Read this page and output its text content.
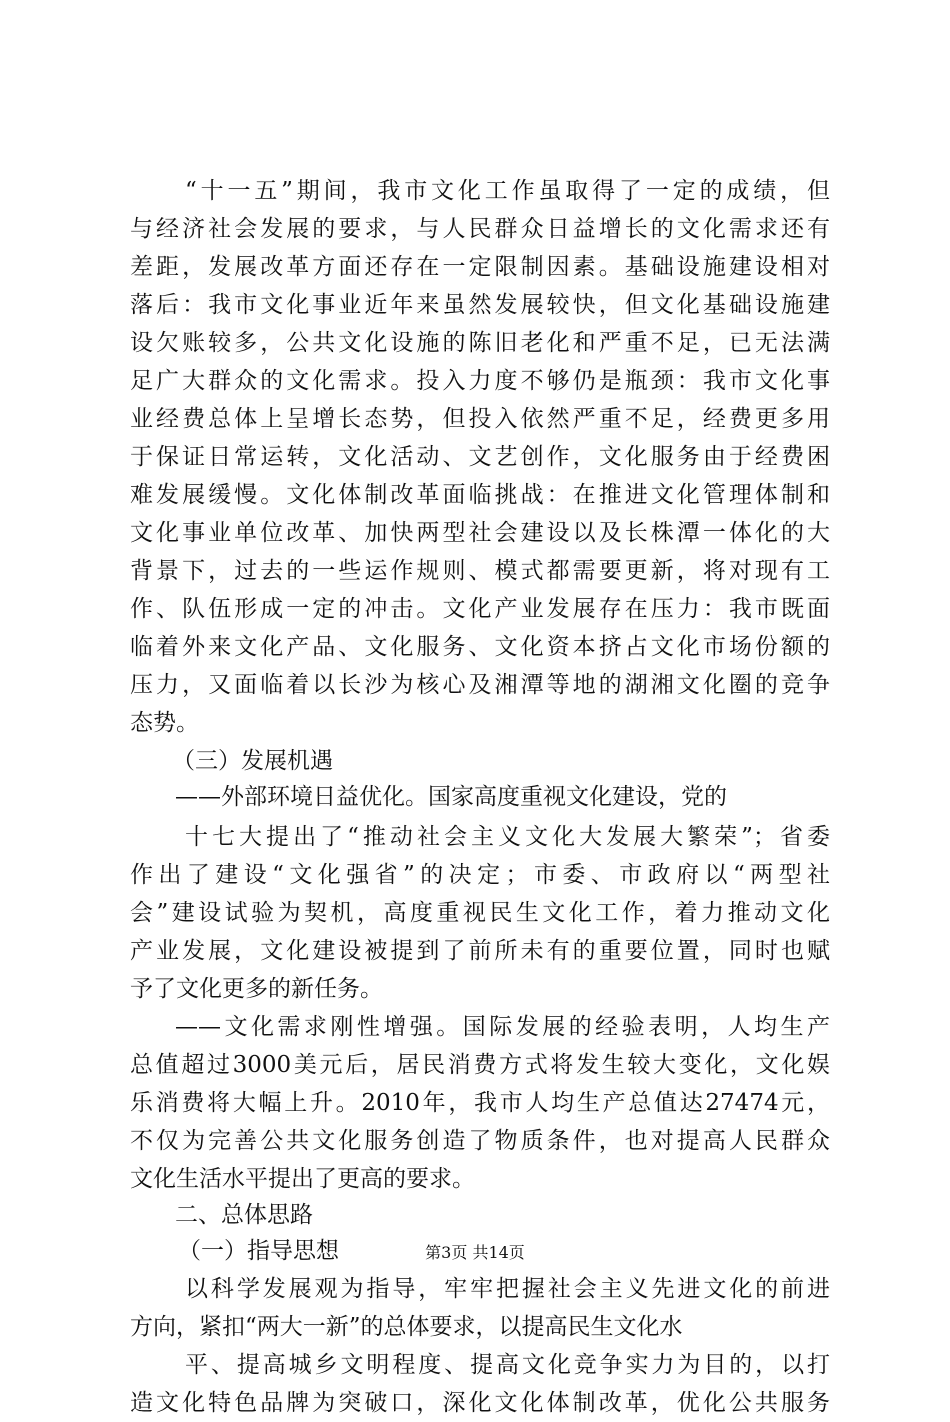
“十一五”期间，我市文化工作虽取得了一定的成绩，但
与经济社会发展的要求，与人民群众日益增长的文化需求还有
差距，发展改革方面还存在一定限制因素。基础设施建设相对
落后：我市文化事业近年来虽然发展较快，但文化基础设施建
设欠账较多，公共文化设施的陈旧老化和严重不足，已无法满
足广大群众的文化需求。投入力度不够仍是瓶颈：我市文化事
业经费总体上呈增长态势，但投入依然严重不足，经费更多用
于保证日常运转，文化活动、文艺创作，文化服务由于经费困
难发展缓慢。文化体制改革面临挑战：在推进文化管理体制和
文化事业单位改革、加快两型社会建设以及长株潭一体化的大
背景下，过去的一些运作规则、模式都需要更新，将对现有工
作、队伍形成一定的冲击。文化产业发展存在压力：我市既面
临着外来文化产品、文化服务、文化资本挤占文化市场份额的
压力，又面临着以长沙为核心及湘潭等地的湖湘文化圈的竞争
态势。
（三）发展机遇
——外部环境日益优化。国家高度重视文化建设，党的
十七大提出了“推动社会主义文化大发展大繁荣”；省委
作出了建设“文化强省”的决定；市委、市政府以“两型社
会”建设试验为契机，高度重视民生文化工作，着力推动文化
产业发展，文化建设被提到了前所未有的重要位置，同时也赋
予了文化更多的新任务。
——文化需求刚性增强。国际发展的经验表明，人均生产
总值超过3000美元后，居民消费方式将发生较大变化，文化娱
乐消费将大幅上升。2010年，我市人均生产总值达27474元，
不仅为完善公共文化服务创造了物质条件，也对提高人民群众
文化生活水平提出了更高的要求。
二、总体思路
（一）指导思想
以科学发展观为指导，牢牢把握社会主义先进文化的前进
方向，紧扣“两大一新”的总体要求，以提高民生文化水
平、提高城乡文明程度、提高文化竞争实力为目的，以打
造文化特色品牌为突破口，深化文化体制改革，优化公共服务
第3页 共14页
